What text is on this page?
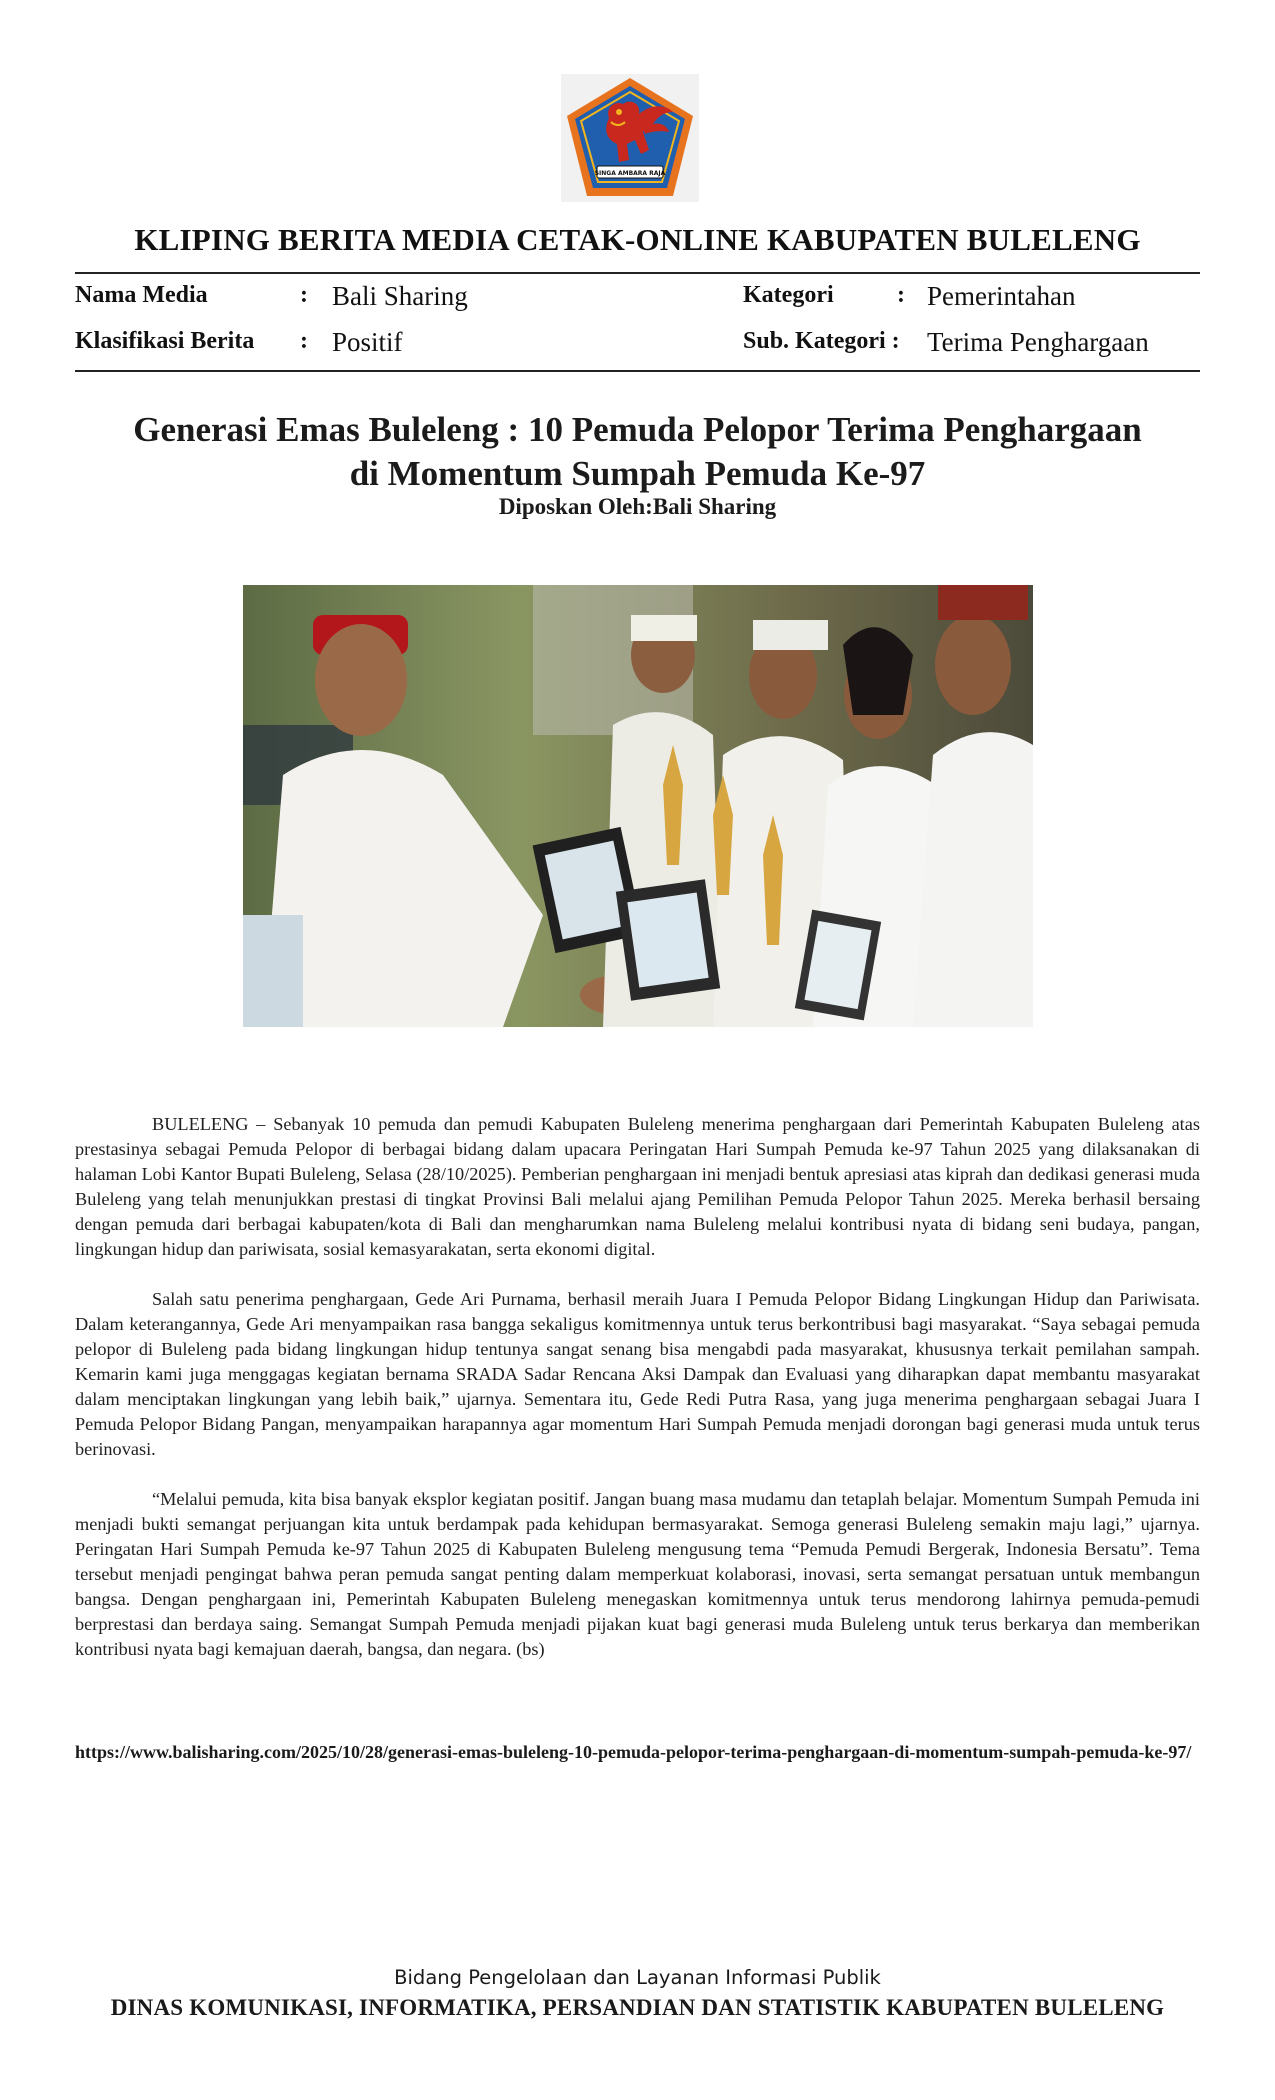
SINGA AMBARA RAJA
KLIPING BERITA MEDIA CETAK-ONLINE KABUPATEN BULELENG
Nama Media	: Bali Sharing
Klasifikasi Berita : Positif
Kategori	: Pemerintahan
Sub. Kategori : Terima Penghargaan
Generasi Emas Buleleng : 10 Pemuda Pelopor Terima Penghargaan
di Momentum Sumpah Pemuda Ke-97
Diposkan Oleh:Bali Sharing

BULELENG – Sebanyak 10 pemuda dan pemudi Kabupaten Buleleng menerima penghargaan dari Pemerintah Kabupaten Buleleng atas prestasinya sebagai Pemuda Pelopor di berbagai bidang dalam upacara Peringatan Hari Sumpah Pemuda ke-97 Tahun 2025 yang dilaksanakan di halaman Lobi Kantor Bupati Buleleng, Selasa (28/10/2025). Pemberian penghargaan ini menjadi bentuk apresiasi atas kiprah dan dedikasi generasi muda Buleleng yang telah menunjukkan prestasi di tingkat Provinsi Bali melalui ajang Pemilihan Pemuda Pelopor Tahun 2025. Mereka berhasil bersaing dengan pemuda dari berbagai kabupaten/kota di Bali dan mengharumkan nama Buleleng melalui kontribusi nyata di bidang seni budaya, pangan, lingkungan hidup dan pariwisata, sosial kemasyarakatan, serta ekonomi digital.

Salah satu penerima penghargaan, Gede Ari Purnama, berhasil meraih Juara I Pemuda Pelopor Bidang Lingkungan Hidup dan Pariwisata. Dalam keterangannya, Gede Ari menyampaikan rasa bangga sekaligus komitmennya untuk terus berkontribusi bagi masyarakat. “Saya sebagai pemuda pelopor di Buleleng pada bidang lingkungan hidup tentunya sangat senang bisa mengabdi pada masyarakat, khususnya terkait pemilahan sampah. Kemarin kami juga menggagas kegiatan bernama SRADA Sadar Rencana Aksi Dampak dan Evaluasi yang diharapkan dapat membantu masyarakat dalam menciptakan lingkungan yang lebih baik,” ujarnya. Sementara itu, Gede Redi Putra Rasa, yang juga menerima penghargaan sebagai Juara I Pemuda Pelopor Bidang Pangan, menyampaikan harapannya agar momentum Hari Sumpah Pemuda menjadi dorongan bagi generasi muda untuk terus berinovasi.

“Melalui pemuda, kita bisa banyak eksplor kegiatan positif. Jangan buang masa mudamu dan tetaplah belajar. Momentum Sumpah Pemuda ini menjadi bukti semangat perjuangan kita untuk berdampak pada kehidupan bermasyarakat. Semoga generasi Buleleng semakin maju lagi,” ujarnya. Peringatan Hari Sumpah Pemuda ke-97 Tahun 2025 di Kabupaten Buleleng mengusung tema “Pemuda Pemudi Bergerak, Indonesia Bersatu”. Tema tersebut menjadi pengingat bahwa peran pemuda sangat penting dalam memperkuat kolaborasi, inovasi, serta semangat persatuan untuk membangun bangsa. Dengan penghargaan ini, Pemerintah Kabupaten Buleleng menegaskan komitmennya untuk terus mendorong lahirnya pemuda-pemudi berprestasi dan berdaya saing. Semangat Sumpah Pemuda menjadi pijakan kuat bagi generasi muda Buleleng untuk terus berkarya dan memberikan kontribusi nyata bagi kemajuan daerah, bangsa, dan negara. (bs)

https://www.balisharing.com/2025/10/28/generasi-emas-buleleng-10-pemuda-pelopor-terima-penghargaan-di-momentum-sumpah-pemuda-ke-97/
Bidang Pengelolaan dan Layanan Informasi Publik
DINAS KOMUNIKASI, INFORMATIKA, PERSANDIAN DAN STATISTIK KABUPATEN BULELENG
